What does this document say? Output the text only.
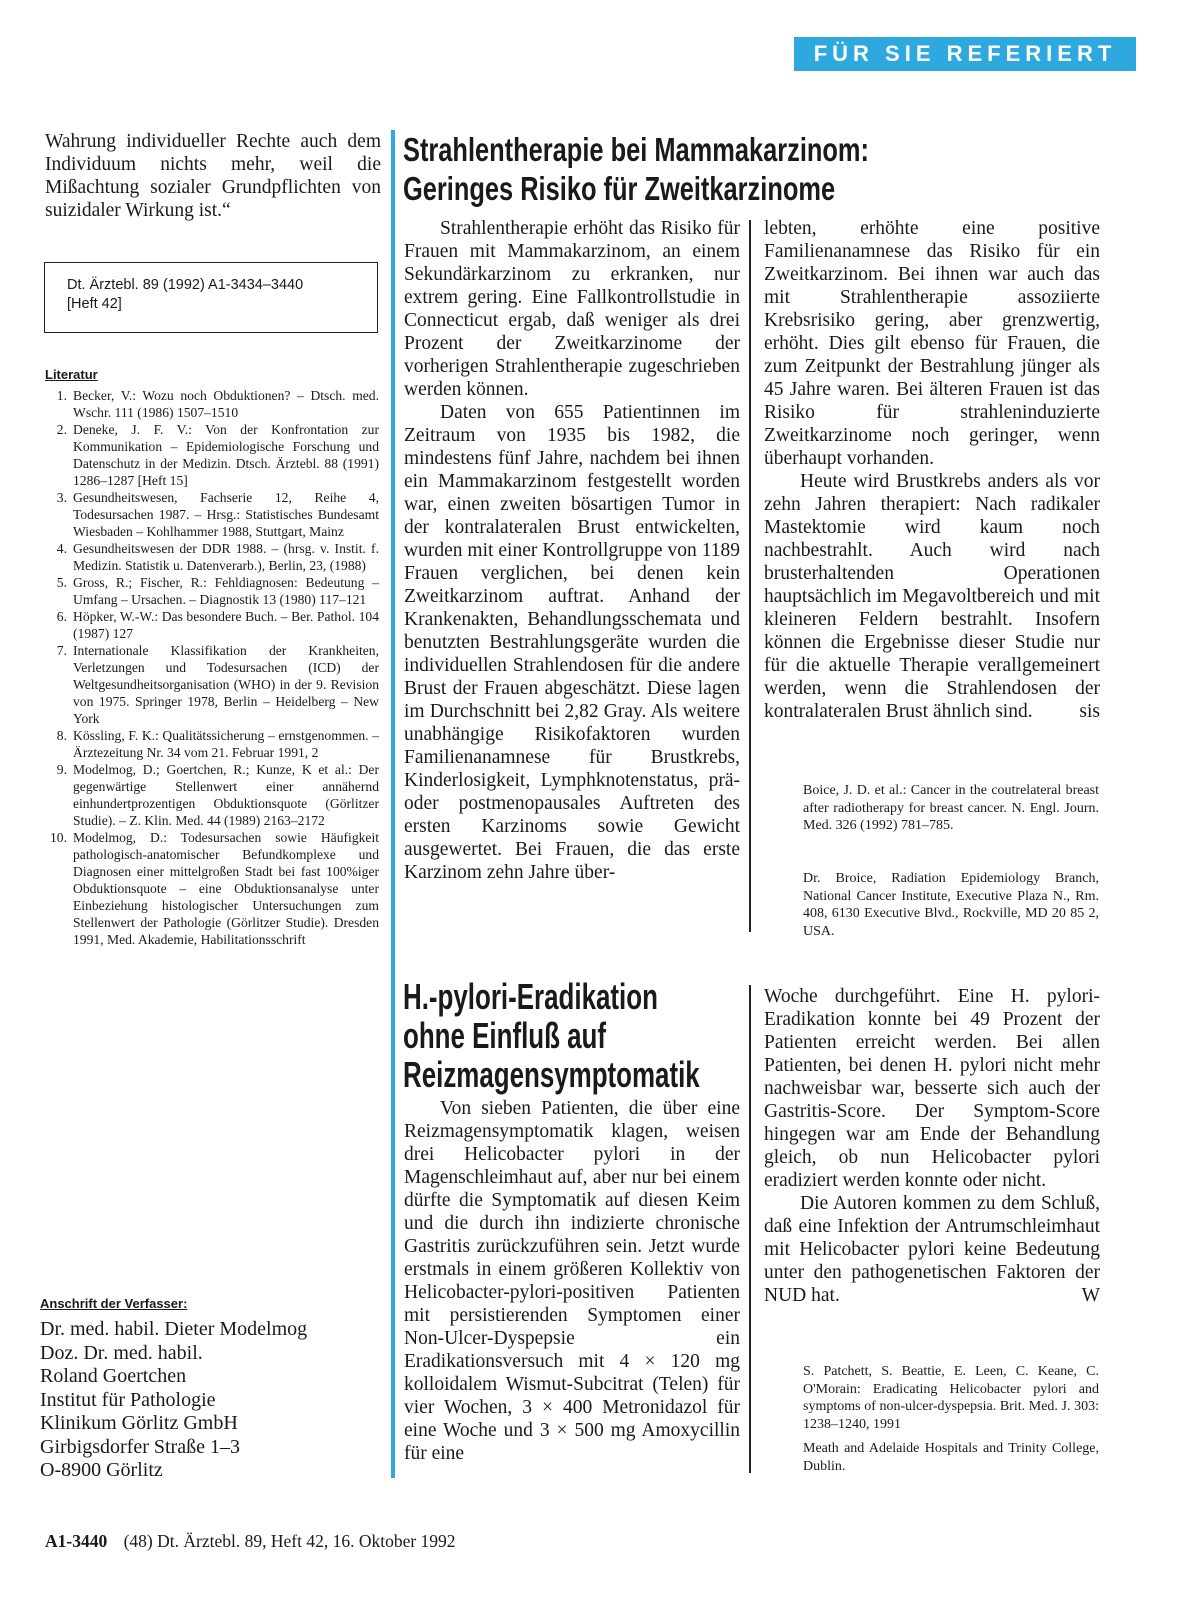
FÜR SIE REFERIERT
Wahrung individueller Rechte auch dem Individuum nichts mehr, weil die Mißachtung sozialer Grundpflichten von suizidaler Wirkung ist.“
Dt. Ärztebl. 89 (1992) A1-3434–3440
[Heft 42]
Literatur
1. Becker, V.: Wozu noch Obduktionen? – Dtsch. med. Wschr. 111 (1986) 1507–1510
2. Deneke, J. F. V.: Von der Konfrontation zur Kommunikation – Epidemiologische Forschung und Datenschutz in der Medizin. Dtsch. Ärztebl. 88 (1991) 1286–1287 [Heft 15]
3. Gesundheitswesen, Fachserie 12, Reihe 4, Todesursachen 1987. – Hrsg.: Statistisches Bundesamt Wiesbaden – Kohlhammer 1988, Stuttgart, Mainz
4. Gesundheitswesen der DDR 1988. – (hrsg. v. Instit. f. Medizin. Statistik u. Datenverarb.), Berlin, 23, (1988)
5. Gross, R.; Fischer, R.: Fehldiagnosen: Bedeutung – Umfang – Ursachen. – Diagnostik 13 (1980) 117–121
6. Höpker, W.-W.: Das besondere Buch. – Ber. Pathol. 104 (1987) 127
7. Internationale Klassifikation der Krankheiten, Verletzungen und Todesursachen (ICD) der Weltgesundheitsorganisation (WHO) in der 9. Revision von 1975. Springer 1978, Berlin – Heidelberg – New York
8. Kössling, F. K.: Qualitätssicherung – ernstgenommen. – Ärztezeitung Nr. 34 vom 21. Februar 1991, 2
9. Modelmog, D.; Goertchen, R.; Kunze, K et al.: Der gegenwärtige Stellenwert einer annähernd einhundertprozentigen Obduktionsquote (Görlitzer Studie). – Z. Klin. Med. 44 (1989) 2163–2172
10. Modelmog, D.: Todesursachen sowie Häufigkeit pathologisch-anatomischer Befundkomplexe und Diagnosen einer mittelgroßen Stadt bei fast 100%iger Obduktionsquote – eine Obduktionsanalyse unter Einbeziehung histologischer Untersuchungen zum Stellenwert der Pathologie (Görlitzer Studie). Dresden 1991, Med. Akademie, Habilitationsschrift
Anschrift der Verfasser:
Dr. med. habil. Dieter Modelmog
Doz. Dr. med. habil.
Roland Goertchen
Institut für Pathologie
Klinikum Görlitz GmbH
Girbigsdorfer Straße 1–3
O-8900 Görlitz
Strahlentherapie bei Mammakarzinom:
Geringes Risiko für Zweitkarzinome

Strahlentherapie erhöht das Risiko für Frauen mit Mammakarzinom, an einem Sekundärkarzinom zu erkranken, nur extrem gering. Eine Fallkontrollstudie in Connecticut ergab, daß weniger als drei Prozent der Zweitkarzinome der vorherigen Strahlentherapie zugeschrieben werden können.

Daten von 655 Patientinnen im Zeitraum von 1935 bis 1982, die mindestens fünf Jahre, nachdem bei ihnen ein Mammakarzinom festgestellt worden war, einen zweiten bösartigen Tumor in der kontralateralen Brust entwickelten, wurden mit einer Kontrollgruppe von 1189 Frauen verglichen, bei denen kein Zweitkarzinom auftrat. Anhand der Krankenakten, Behandlungsschemata und benutzten Bestrahlungsgeräte wurden die individuellen Strahlendosen für die andere Brust der Frauen abgeschätzt. Diese lagen im Durchschnitt bei 2,82 Gray. Als weitere unabhängige Risikofaktoren wurden Familienanamnese für Brustkrebs, Kinderlosigkeit, Lymphknotenstatus, prä- oder postmenopausales Auftreten des ersten Karzinoms sowie Gewicht ausgewertet. Bei Frauen, die das erste Karzinom zehn Jahre über-

lebten, erhöhte eine positive Familienanamnese das Risiko für ein Zweitkarzinom. Bei ihnen war auch das mit Strahlentherapie assoziierte Krebsrisiko gering, aber grenzwertig, erhöht. Dies gilt ebenso für Frauen, die zum Zeitpunkt der Bestrahlung jünger als 45 Jahre waren. Bei älteren Frauen ist das Risiko für strahleninduzierte Zweitkarzinome noch geringer, wenn überhaupt vorhanden.

Heute wird Brustkrebs anders als vor zehn Jahren therapiert: Nach radikaler Mastektomie wird kaum noch nachbestrahlt. Auch wird nach brusterhaltenden Operationen hauptsächlich im Megavoltbereich und mit kleineren Feldern bestrahlt. Insofern können die Ergebnisse dieser Studie nur für die aktuelle Therapie verallgemeinert werden, wenn die Strahlendosen der kontralateralen Brust ähnlich sind.	sis

Boice, J. D. et al.: Cancer in the coutrelateral breast after radiotherapy for breast cancer. N. Engl. Journ. Med. 326 (1992) 781–785.
Dr. Broice, Radiation Epidemiology Branch, National Cancer Institute, Executive Plaza N., Rm. 408, 6130 Executive Blvd., Rockville, MD 20 85 2, USA.
H.-pylori-Eradikation
ohne Einfluß auf
Reizmagensymptomatik

Von sieben Patienten, die über eine Reizmagensymptomatik klagen, weisen drei Helicobacter pylori in der Magenschleimhaut auf, aber nur bei einem dürfte die Symptomatik auf diesen Keim und die durch ihn indizierte chronische Gastritis zurückzuführen sein. Jetzt wurde erstmals in einem größeren Kollektiv von Helicobacter-pylori-positiven Patienten mit persistierenden Symptomen einer Non-Ulcer-Dyspepsie ein Eradikationsversuch mit 4 × 120 mg kolloidalem Wismut-Subcitrat (Telen) für vier Wochen, 3 × 400 Metronidazol für eine Woche und 3 × 500 mg Amoxycillin für eine

Woche durchgeführt. Eine H. pylori-Eradikation konnte bei 49 Prozent der Patienten erreicht werden. Bei allen Patienten, bei denen H. pylori nicht mehr nachweisbar war, besserte sich auch der Gastritis-Score. Der Symptom-Score hingegen war am Ende der Behandlung gleich, ob nun Helicobacter pylori eradiziert werden konnte oder nicht.

Die Autoren kommen zu dem Schluß, daß eine Infektion der Antrumschleimhaut mit Helicobacter pylori keine Bedeutung unter den pathogenetischen Faktoren der NUD hat.	W

S. Patchett, S. Beattie, E. Leen, C. Keane, C. O'Morain: Eradicating Helicobacter pylori and symptoms of non-ulcer-dyspepsia. Brit. Med. J. 303: 1238–1240, 1991
Meath and Adelaide Hospitals and Trinity College, Dublin.
A1-3440 (48) Dt. Ärztebl. 89, Heft 42, 16. Oktober 1992
